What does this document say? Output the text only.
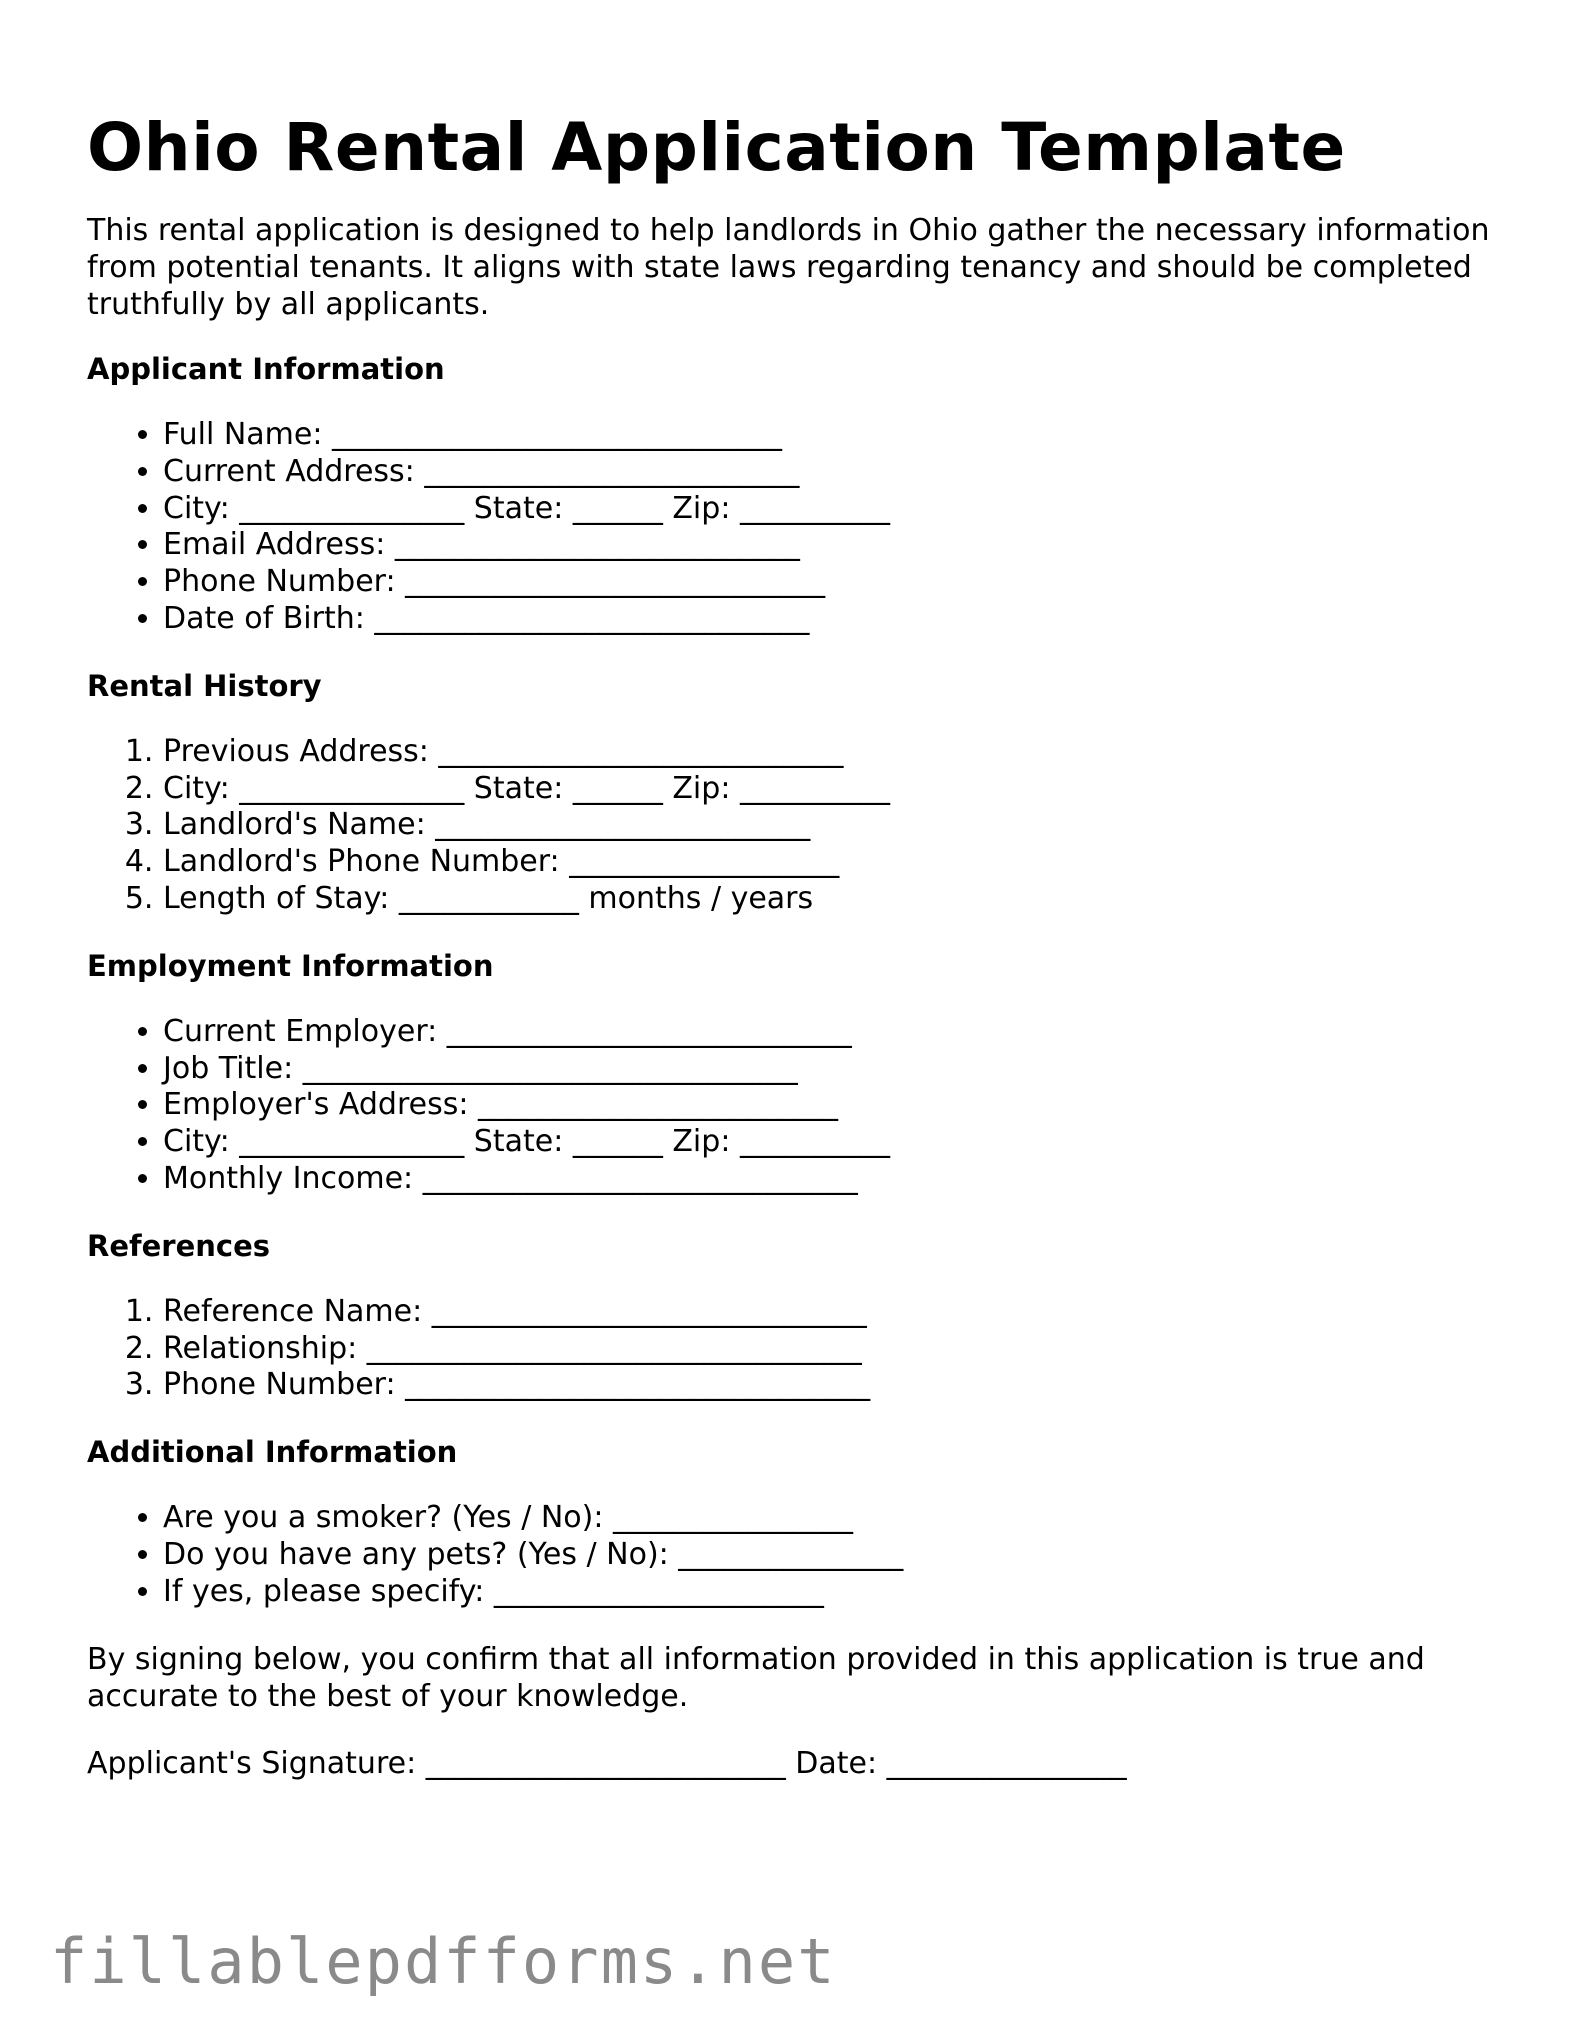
Ohio Rental Application Template

This rental application is designed to help landlords in Ohio gather the necessary information from potential tenants. It aligns with state laws regarding tenancy and should be completed truthfully by all applicants.

Applicant Information
• Full Name: ______________________________
• Current Address: _________________________
• City: _______________ State: ______ Zip: __________
• Email Address: ___________________________
• Phone Number: ____________________________
• Date of Birth: _____________________________
Rental History
1. Previous Address: ___________________________
2. City: _______________ State: ______ Zip: __________
3. Landlord's Name: _________________________
4. Landlord's Phone Number: __________________
5. Length of Stay: ____________ months / years
Employment Information
• Current Employer: ___________________________
• Job Title: _________________________________
• Employer's Address: ________________________
• City: _______________ State: ______ Zip: __________
• Monthly Income: _____________________________
References
1. Reference Name: _____________________________
2. Relationship: _________________________________
3. Phone Number: _______________________________
Additional Information
• Are you a smoker? (Yes / No): ________________
• Do you have any pets? (Yes / No): _______________
• If yes, please specify: ______________________

By signing below, you confirm that all information provided in this application is true and accurate to the best of your knowledge.

Applicant's Signature: ________________________ Date: ________________

fillablepdfforms.net
